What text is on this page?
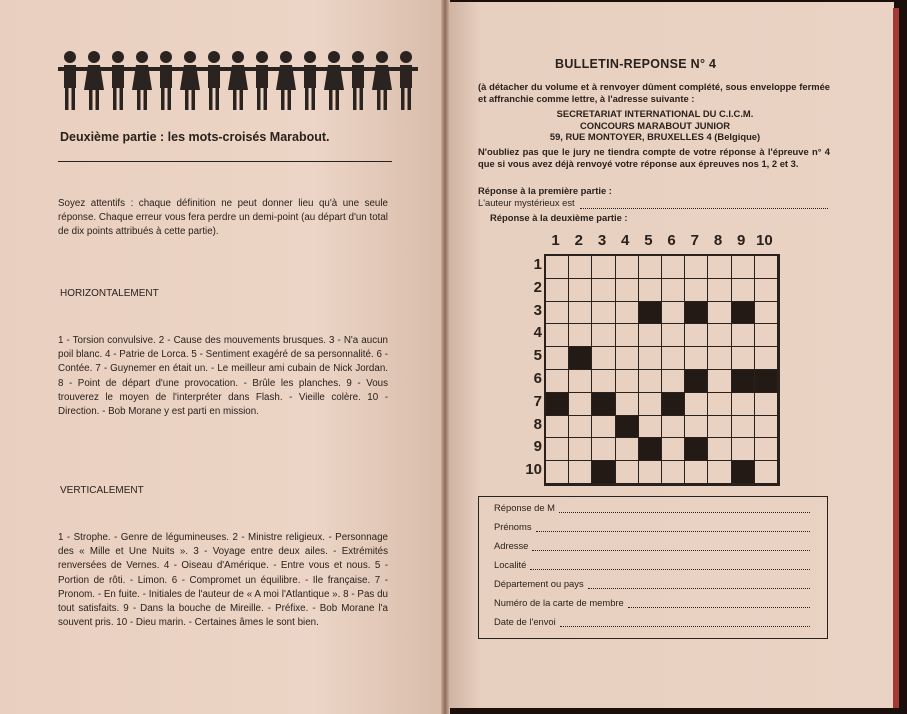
Deuxième partie : les mots-croisés Marabout.
Soyez attentifs : chaque définition ne peut donner lieu qu'à une seule réponse. Chaque erreur vous fera perdre un demi-point (au départ d'un total de dix points attribués à cette partie).
HORIZONTALEMENT
1 - Torsion convulsive. 2 - Cause des mouvements brusques. 3 - N'a aucun poil blanc. 4 - Patrie de Lorca. 5 - Sentiment exagéré de sa personnalité. 6 - Contée. 7 - Guynemer en était un. - Le meilleur ami cubain de Nick Jordan. 8 - Point de départ d'une provocation. - Brûle les planches. 9 - Vous trouverez le moyen de l'interpréter dans Flash. - Vieille colère. 10 - Direction. - Bob Morane y est parti en mission.
VERTICALEMENT
1 - Strophe. - Genre de légumineuses. 2 - Ministre religieux. - Personnage des « Mille et Une Nuits ». 3 - Voyage entre deux ailes. - Extrémités renversées de Vernes. 4 - Oiseau d'Amérique. - Entre vous et nous. 5 - Portion de rôti. - Limon. 6 - Compromet un équilibre. - Ile française. 7 - Pronom. - En fuite. - Initiales de l'auteur de « A moi l'Atlantique ». 8 - Pas du tout satisfaits. 9 - Dans la bouche de Mireille. - Préfixe. - Bob Morane l'a souvent pris. 10 - Dieu marin. - Certaines âmes le sont bien.
BULLETIN-REPONSE N° 4
(à détacher du volume et à renvoyer dûment complété, sous enveloppe fermée et affranchie comme lettre, à l'adresse suivante :
SECRETARIAT INTERNATIONAL DU C.I.C.M.
CONCOURS MARABOUT JUNIOR
59, RUE MONTOYER, BRUXELLES 4 (Belgique)
N'oubliez pas que le jury ne tiendra compte de votre réponse à l'épreuve n° 4 que si vous avez déjà renvoyé votre réponse aux épreuves nos 1, 2 et 3.
Réponse à la première partie :
L'auteur mystérieux est
Réponse à la deuxième partie :
1 2 3 4 5 6 7 8 9 10
1
2
3
4
5
6
7
8
9
10
Réponse de M
Prénoms
Adresse
Localité
Département ou pays
Numéro de la carte de membre
Date de l'envoi
